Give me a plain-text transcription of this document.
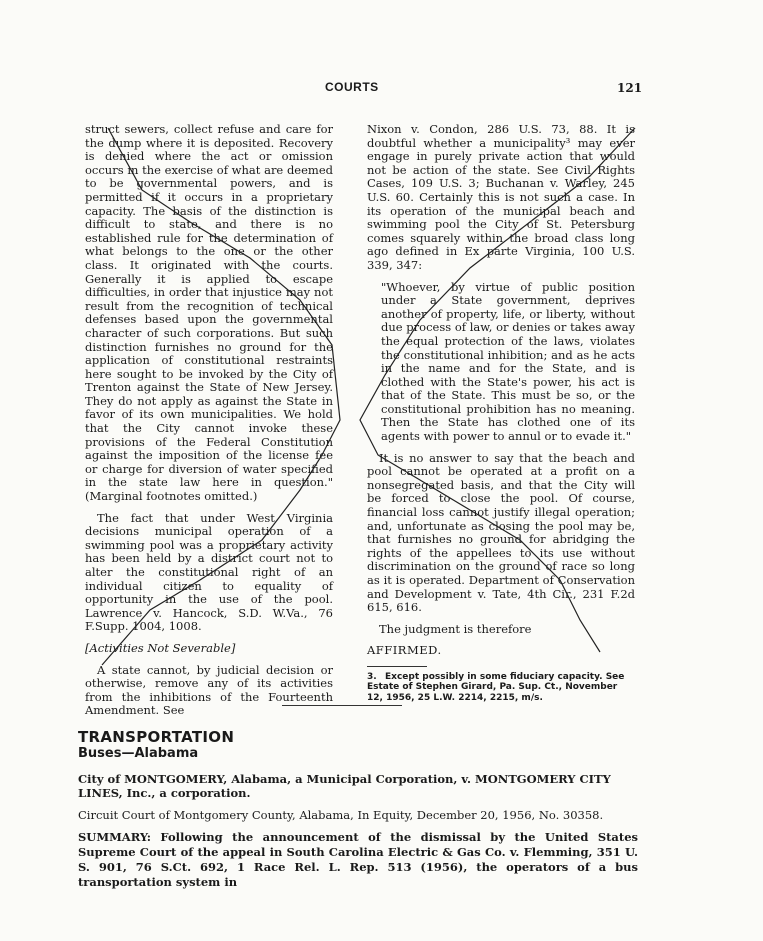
COURTS	121

struct sewers, collect refuse and care for the dump where it is deposited. Recovery is denied where the act or omission occurs in the exercise of what are deemed to be governmental powers, and is permitted if it occurs in a proprietary capacity. The basis of the distinction is difficult to state, and there is no established rule for the determination of what belongs to the one or the other class. It originated with the courts. Generally it is applied to escape difficulties, in order that injustice may not result from the recognition of technical defenses based upon the governmental character of such corporations. But such distinction furnishes no ground for the application of constitutional restraints here sought to be invoked by the City of Trenton against the State of New Jersey. They do not apply as against the State in favor of its own municipalities. We hold that the City cannot invoke these provisions of the Federal Constitution against the imposition of the license fee or charge for diversion of water specified in the state law here in question." (Marginal footnotes omitted.)

The fact that under West Virginia decisions municipal operation of a swimming pool was a proprietary activity has been held by a district court not to alter the constitutional right of an individual citizen to equality of opportunity in the use of the pool. Lawrence v. Hancock, S.D. W.Va., 76 F.Supp. 1004, 1008.

[Activities Not Severable]

A state cannot, by judicial decision or otherwise, remove any of its activities from the inhibitions of the Fourteenth Amendment. See

Nixon v. Condon, 286 U.S. 73, 88. It is doubtful whether a municipality³ may ever engage in purely private action that would not be action of the state. See Civil Rights Cases, 109 U.S. 3; Buchanan v. Warley, 245 U.S. 60. Certainly this is not such a case. In its operation of the municipal beach and swimming pool the City of St. Petersburg comes squarely within the broad class long ago defined in Ex parte Virginia, 100 U.S. 339, 347:

"Whoever, by virtue of public position under a State government, deprives another of property, life, or liberty, without due process of law, or denies or takes away the equal protection of the laws, violates the constitutional inhibition; and as he acts in the name and for the State, and is clothed with the State's power, his act is that of the State. This must be so, or the constitutional prohibition has no meaning. Then the State has clothed one of its agents with power to annul or to evade it."

It is no answer to say that the beach and pool cannot be operated at a profit on a nonsegregated basis, and that the City will be forced to close the pool. Of course, financial loss cannot justify illegal operation; and, unfortunate as closing the pool may be, that furnishes no ground for abridging the rights of the appellees to its use without discrimination on the ground of race so long as it is operated. Department of Conservation and Development v. Tate, 4th Cir., 231 F.2d 615, 616.

The judgment is therefore

AFFIRMED.

3. Except possibly in some fiduciary capacity. See Estate of Stephen Girard, Pa. Sup. Ct., November 12, 1956, 25 L.W. 2214, 2215, m/s.

TRANSPORTATION

Buses—Alabama

City of MONTGOMERY, Alabama, a Municipal Corporation, v. MONTGOMERY CITY LINES, Inc., a corporation.

Circuit Court of Montgomery County, Alabama, In Equity, December 20, 1956, No. 30358.

SUMMARY: Following the announcement of the dismissal by the United States Supreme Court of the appeal in South Carolina Electric & Gas Co. v. Flemming, 351 U. S. 901, 76 S.Ct. 692, 1 Race Rel. L. Rep. 513 (1956), the operators of a bus transportation system in
